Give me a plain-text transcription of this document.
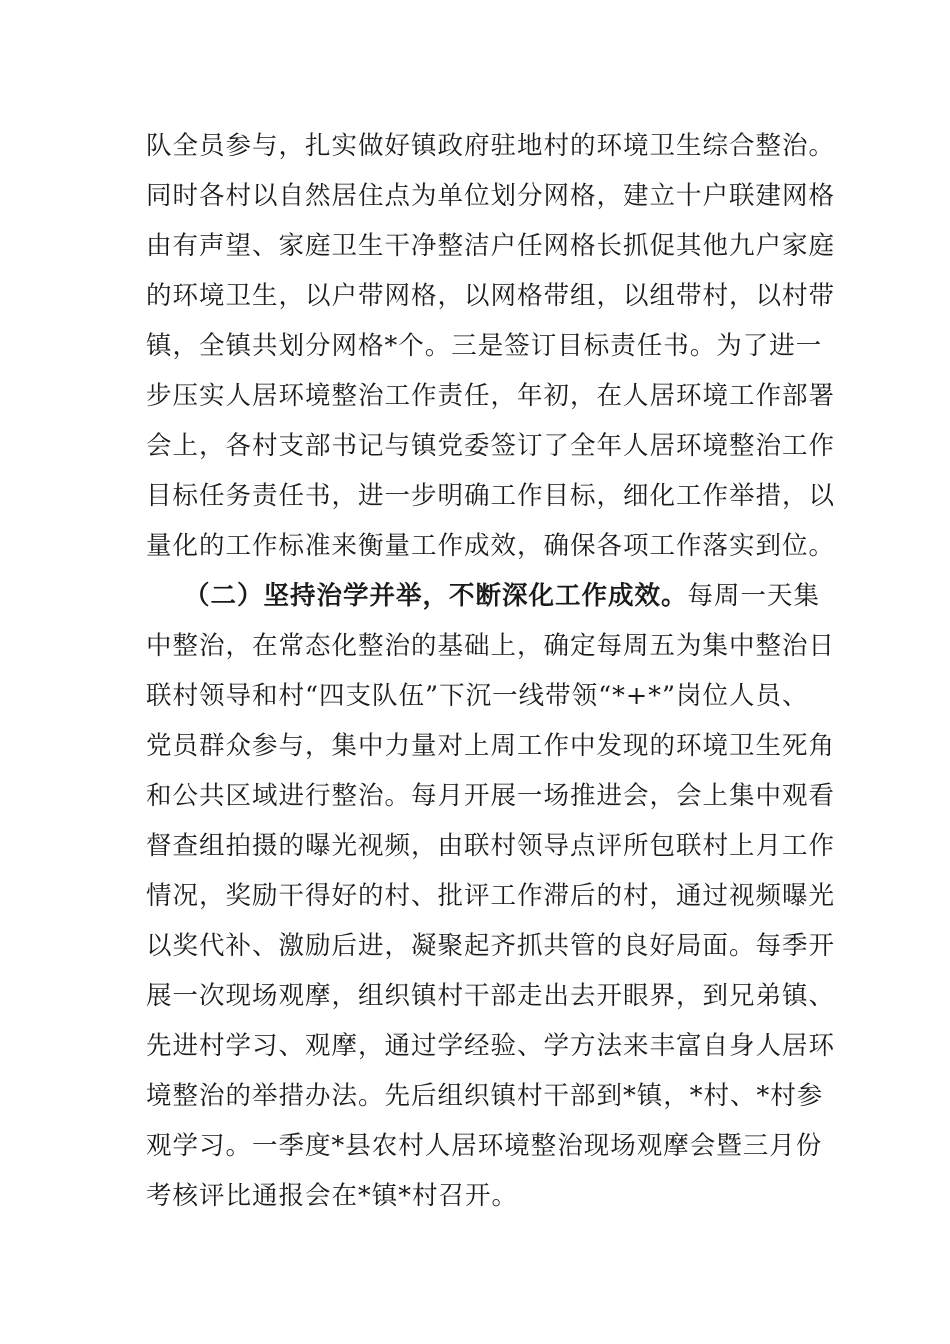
队全员参与，扎实做好镇政府驻地村的环境卫生综合整治。
同时各村以自然居住点为单位划分网格，建立十户联建网格
由有声望、家庭卫生干净整洁户任网格长抓促其他九户家庭
的环境卫生，以户带网格，以网格带组，以组带村，以村带
镇，全镇共划分网格*个。三是签订目标责任书。为了进一
步压实人居环境整治工作责任，年初，在人居环境工作部署
会上，各村支部书记与镇党委签订了全年人居环境整治工作
目标任务责任书，进一步明确工作目标，细化工作举措，以
量化的工作标准来衡量工作成效，确保各项工作落实到位。
（二）坚持治学并举，不断深化工作成效。每周一天集
中整治，在常态化整治的基础上，确定每周五为集中整治日
联村领导和村“四支队伍”下沉一线带领“*+*”岗位人员、
党员群众参与，集中力量对上周工作中发现的环境卫生死角
和公共区域进行整治。每月开展一场推进会，会上集中观看
督查组拍摄的曝光视频，由联村领导点评所包联村上月工作
情况，奖励干得好的村、批评工作滞后的村，通过视频曝光
以奖代补、激励后进，凝聚起齐抓共管的良好局面。每季开
展一次现场观摩，组织镇村干部走出去开眼界，到兄弟镇、
先进村学习、观摩，通过学经验、学方法来丰富自身人居环
境整治的举措办法。先后组织镇村干部到*镇，*村、*村参
观学习。一季度*县农村人居环境整治现场观摩会暨三月份
考核评比通报会在*镇*村召开。
